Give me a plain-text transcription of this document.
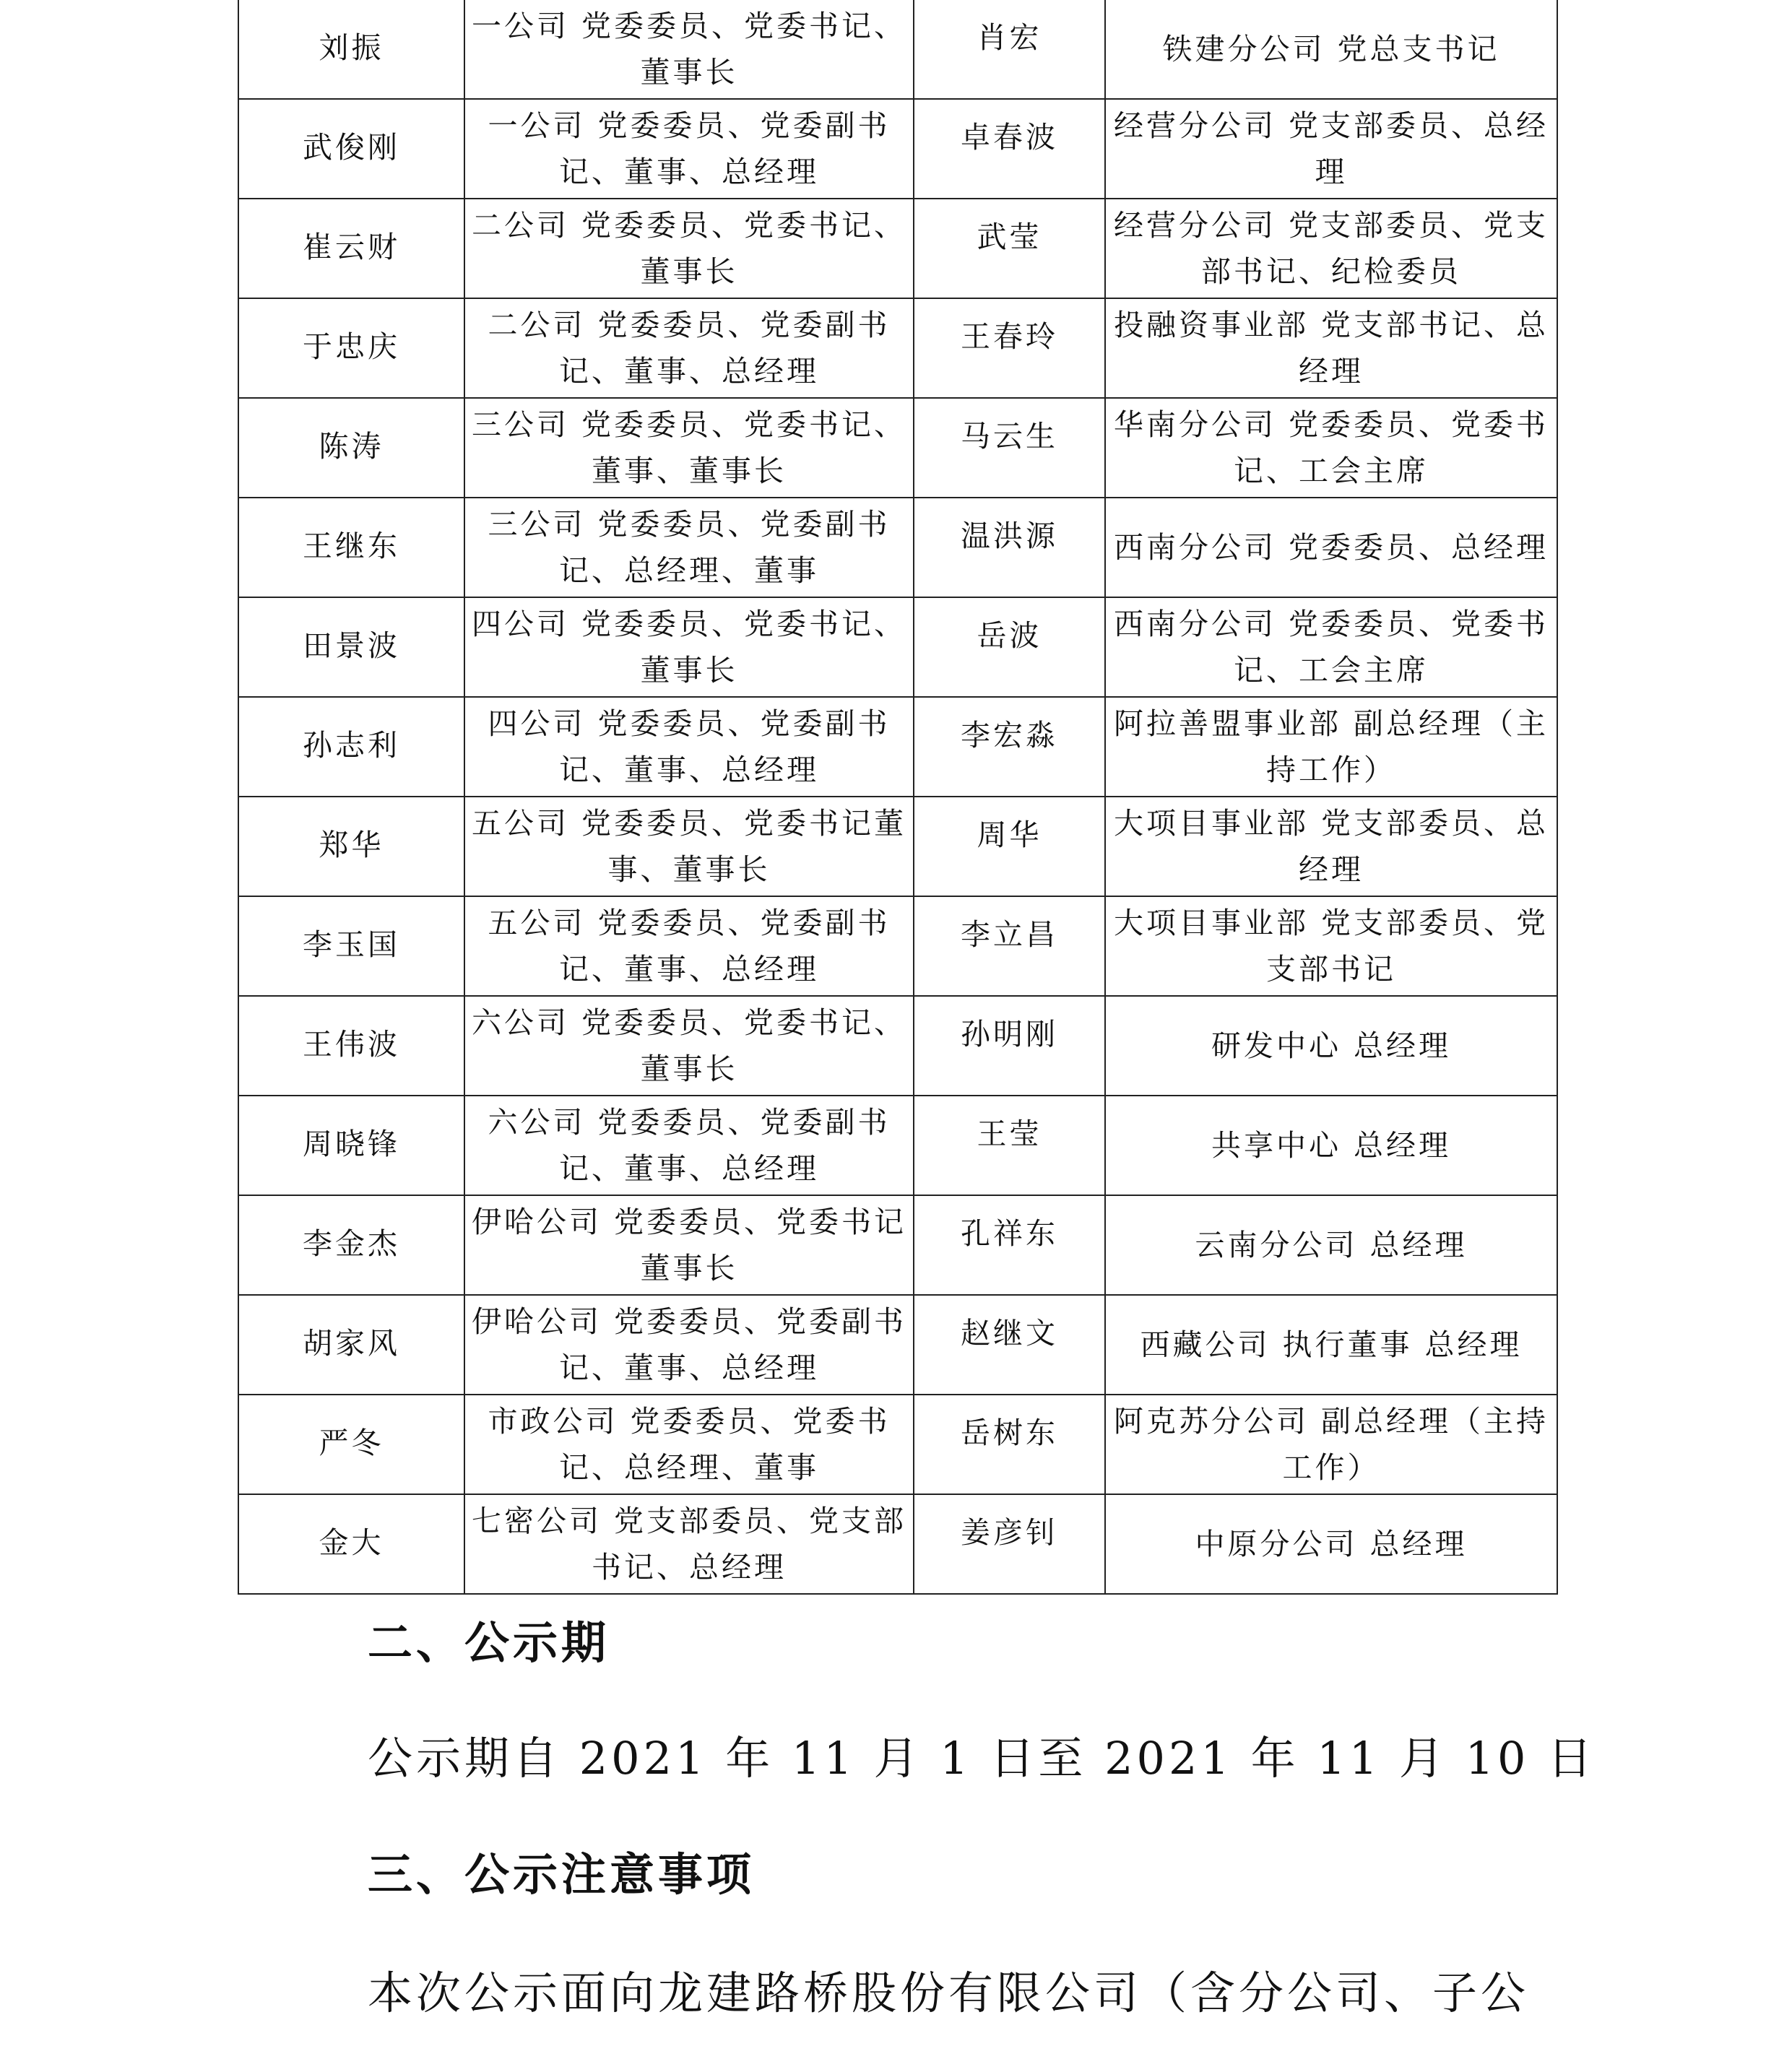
刘振	一公司 党委委员、党委书记、董事长	肖宏	铁建分公司 党总支书记
武俊刚	一公司 党委委员、党委副书记、董事、总经理	卓春波	经营分公司 党支部委员、总经理
崔云财	二公司 党委委员、党委书记、董事长	武莹	经营分公司 党支部委员、党支部书记、纪检委员
于忠庆	二公司 党委委员、党委副书记、董事、总经理	王春玲	投融资事业部 党支部书记、总经理
陈涛	三公司 党委委员、党委书记、董事、董事长	马云生	华南分公司 党委委员、党委书记、工会主席
王继东	三公司 党委委员、党委副书记、总经理、董事	温洪源	西南分公司 党委委员、总经理
田景波	四公司 党委委员、党委书记、董事长	岳波	西南分公司 党委委员、党委书记、工会主席
孙志利	四公司 党委委员、党委副书记、董事、总经理	李宏淼	阿拉善盟事业部 副总经理（主持工作）
郑华	五公司 党委委员、党委书记董事、董事长	周华	大项目事业部 党支部委员、总经理
李玉国	五公司 党委委员、党委副书记、董事、总经理	李立昌	大项目事业部 党支部委员、党支部书记
王伟波	六公司 党委委员、党委书记、董事长	孙明刚	研发中心 总经理
周晓锋	六公司 党委委员、党委副书记、董事、总经理	王莹	共享中心 总经理
李金杰	伊哈公司 党委委员、党委书记董事长	孔祥东	云南分公司 总经理
胡家风	伊哈公司 党委委员、党委副书记、董事、总经理	赵继文	西藏公司 执行董事 总经理
严冬	市政公司 党委委员、党委书记、总经理、董事	岳树东	阿克苏分公司 副总经理（主持工作）
金大	七密公司 党支部委员、党支部书记、总经理	姜彦钊	中原分公司 总经理
二、公示期

公示期自 2021 年 11 月 1 日至 2021 年 11 月 10 日

三、公示注意事项

本次公示面向龙建路桥股份有限公司（含分公司、子公
